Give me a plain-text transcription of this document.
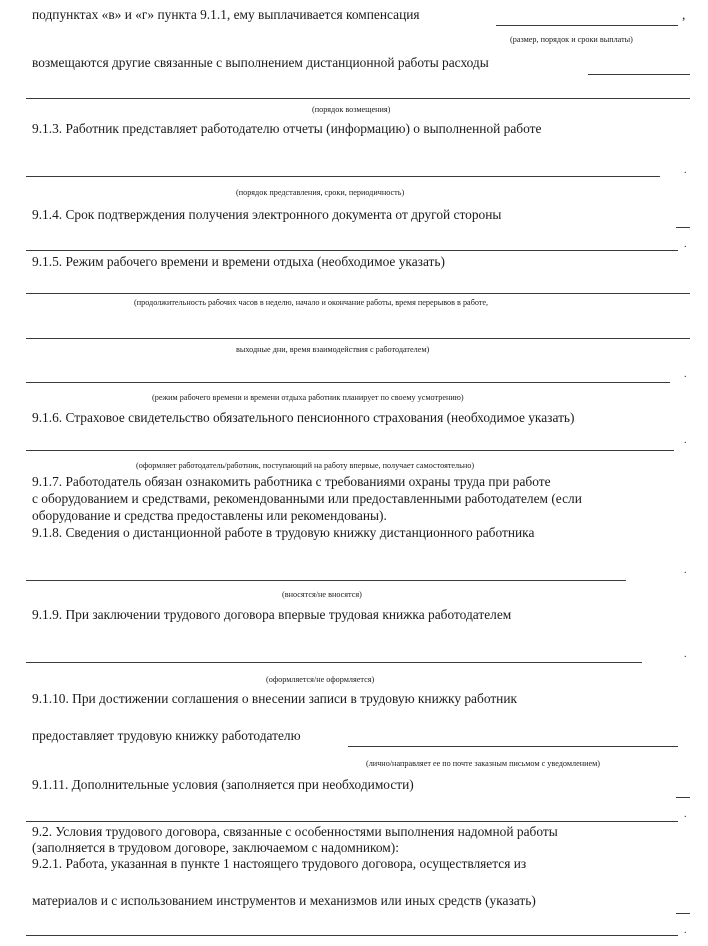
подпунктах «в» и «г» пункта 9.1.1, ему выплачивается компенсация	,
(размер, порядок и сроки выплаты)
возмещаются другие связанные с выполнением дистанционной работы расходы
(порядок возмещения)
9.1.3. Работник представляет работодателю отчеты (информацию) о выполненной работе
.
(порядок представления, сроки, периодичность)
9.1.4. Срок подтверждения получения электронного документа от другой стороны
.
9.1.5. Режим рабочего времени и времени отдыха (необходимое указать)
(продолжительность рабочих часов в неделю, начало и окончание работы, время перерывов в работе,
выходные дни, время взаимодействия с работодателем)
.
(режим рабочего времени и времени отдыха работник планирует по своему усмотрению)
9.1.6. Страховое свидетельство обязательного пенсионного страхования (необходимое указать)
.
(оформляет работодатель/работник, поступающий на работу впервые, получает самостоятельно)
9.1.7. Работодатель обязан ознакомить работника с требованиями охраны труда при работе
с оборудованием и средствами, рекомендованными или предоставленными работодателем (если
оборудование и средства предоставлены или рекомендованы).
9.1.8. Сведения о дистанционной работе в трудовую книжку дистанционного работника
.
(вносятся/не вносятся)
9.1.9. При заключении трудового договора впервые трудовая книжка работодателем
.
(оформляется/не оформляется)
9.1.10. При достижении соглашения о внесении записи в трудовую книжку работник
предоставляет трудовую книжку работодателю
(лично/направляет ее по почте заказным письмом с уведомлением)
9.1.11. Дополнительные условия (заполняется при необходимости)
.
9.2. Условия трудового договора, связанные с особенностями выполнения надомной работы
(заполняется в трудовом договоре, заключаемом с надомником):
9.2.1. Работа, указанная в пункте 1 настоящего трудового договора, осуществляется из
материалов и с использованием инструментов и механизмов или иных средств (указать)
.
